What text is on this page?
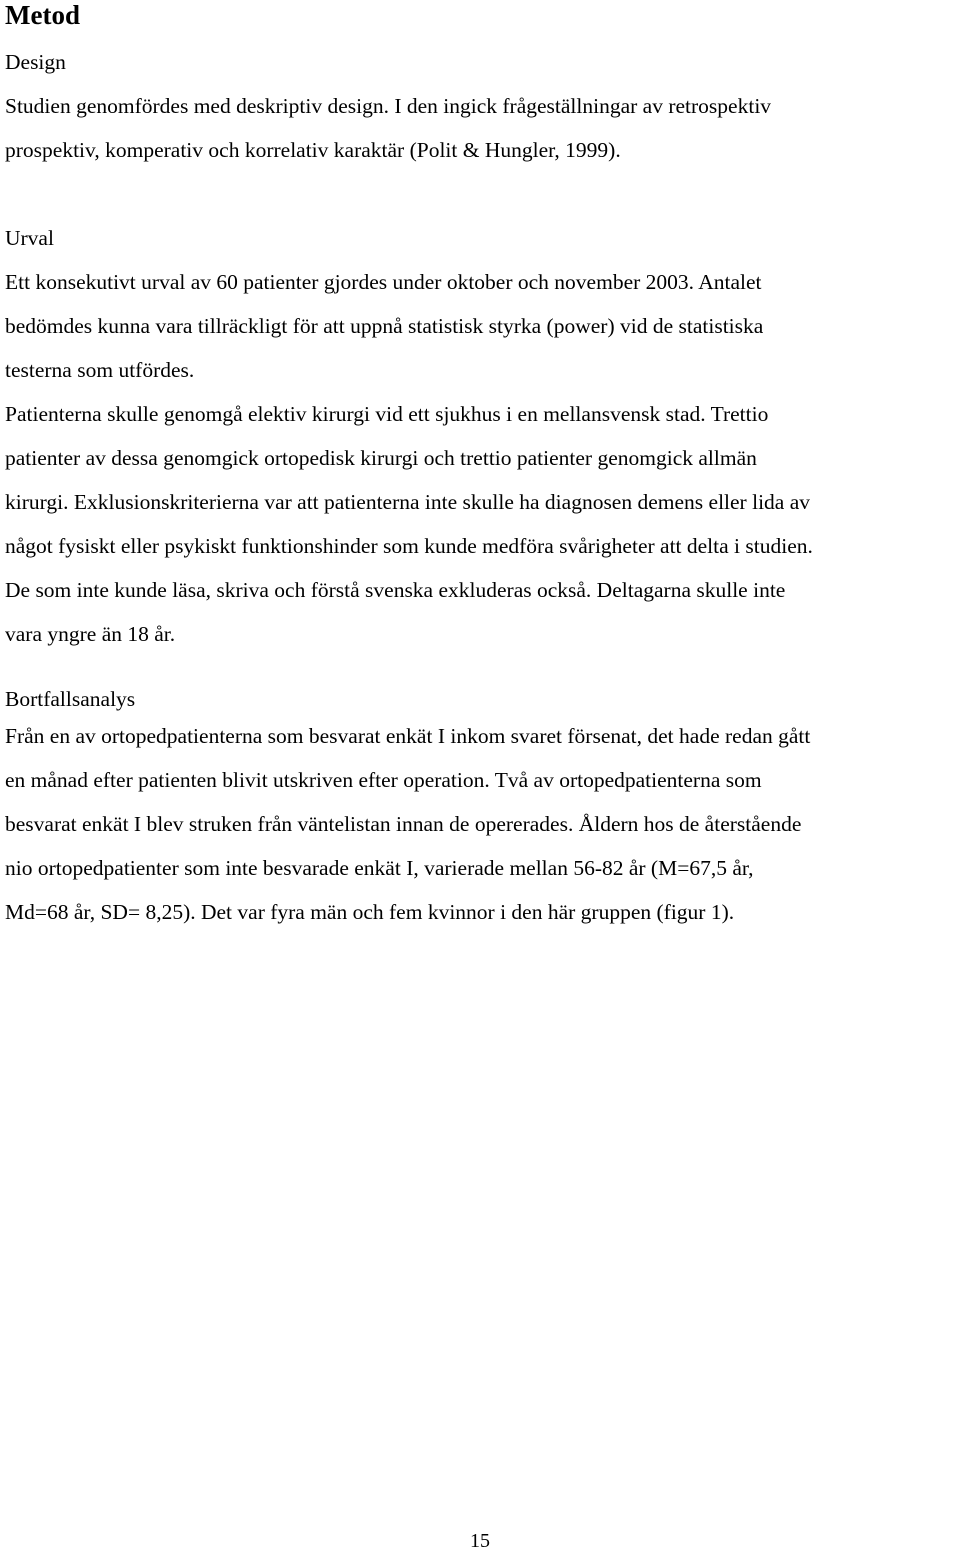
Metod
Design

Studien genomfördes med deskriptiv design. I den ingick frågeställningar av retrospektiv
prospektiv, komperativ och korrelativ karaktär (Polit & Hungler, 1999).

Urval

Ett konsekutivt urval av 60 patienter gjordes under oktober och november 2003. Antalet
bedömdes kunna vara tillräckligt för att uppnå statistisk styrka (power) vid de statistiska
testerna som utfördes.

Patienterna skulle genomgå elektiv kirurgi vid ett sjukhus i en mellansvensk stad. Trettio
patienter av dessa genomgick ortopedisk kirurgi och trettio patienter genomgick allmän
kirurgi. Exklusionskriterierna var att patienterna inte skulle ha diagnosen demens eller lida av
något fysiskt eller psykiskt funktionshinder som kunde medföra svårigheter att delta i studien.
De som inte kunde läsa, skriva och förstå svenska exkluderas också. Deltagarna skulle inte
vara yngre än 18 år.

Bortfallsanalys

Från en av ortopedpatienterna som besvarat enkät I inkom svaret försenat, det hade redan gått
en månad efter patienten blivit utskriven efter operation. Två av ortopedpatienterna som
besvarat enkät I blev struken från väntelistan innan de opererades. Åldern hos de återstående
nio ortopedpatienter som inte besvarade enkät I, varierade mellan 56-82 år (M=67,5 år,
Md=68 år, SD= 8,25). Det var fyra män och fem kvinnor i den här gruppen (figur 1).

15
